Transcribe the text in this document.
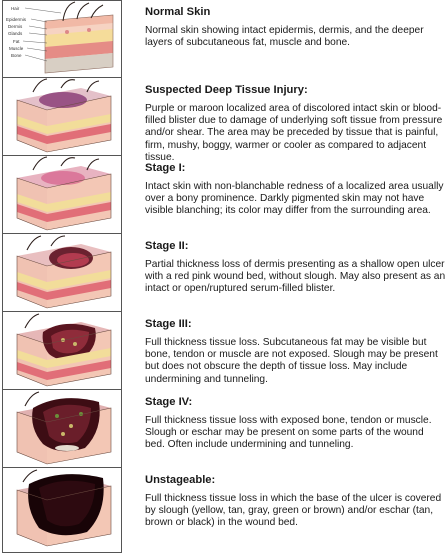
Hair
Epidermis
Dermis
Glands
Fat
Muscle
Bone

Normal Skin

Normal skin showing intact epidermis, dermis, and the deeper layers of subcutaneous fat, muscle and bone.

Suspected Deep Tissue Injury:

Purple or maroon localized area of discolored intact skin or blood-filled blister due to damage of underlying soft tissue from pressure and/or shear. The area may be preceded by tissue that is painful, firm, mushy, boggy, warmer or cooler as compared to adjacent tissue.

Stage I:

Intact skin with non-blanchable redness of a localized area usually over a bony prominence. Darkly pigmented skin may not have visible blanching; its color may differ from the surrounding area.

Stage II:

Partial thickness loss of dermis presenting as a shallow open ulcer with a red pink wound bed, without slough. May also present as an intact or open/ruptured serum-filled blister.

Stage III:

Full thickness tissue loss. Subcutaneous fat may be visible but bone, tendon or muscle are not exposed. Slough may be present but does not obscure the depth of tissue loss. May include undermining and tunneling.

Stage IV:

Full thickness tissue loss with exposed bone, tendon or muscle. Slough or eschar may be present on some parts of the wound bed. Often include undermining and tunneling.

Unstageable:

Full thickness tissue loss in which the base of the ulcer is covered by slough (yellow, tan, gray, green or brown) and/or eschar (tan, brown or black) in the wound bed.
